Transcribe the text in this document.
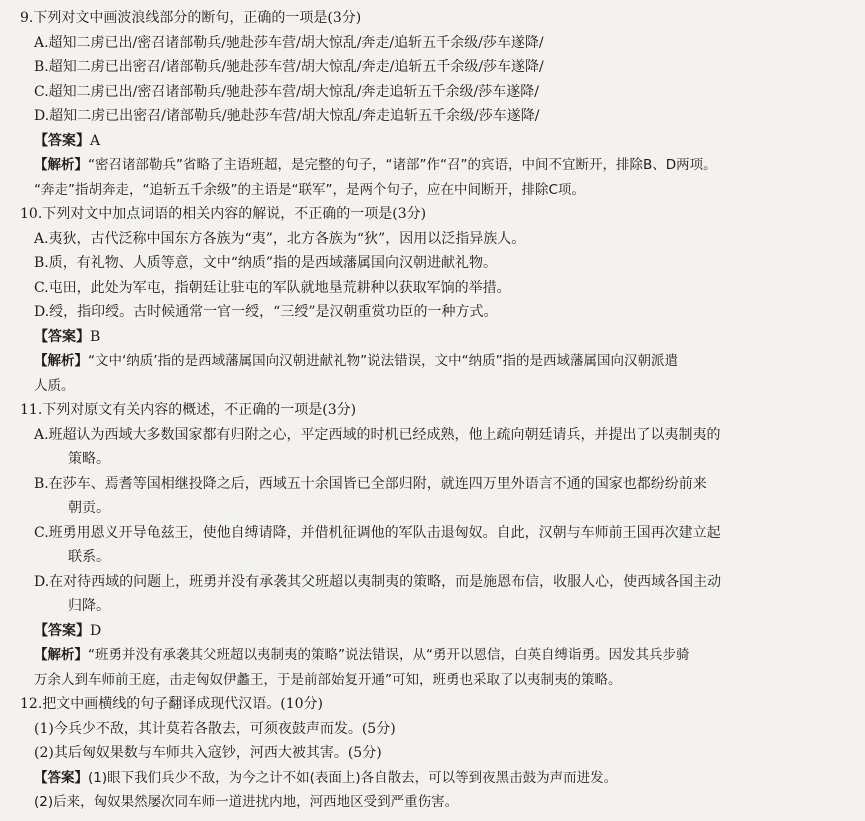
9.下列对文中画波浪线部分的断句，正确的一项是(3分)
A.超知二虏已出/密召诸部勒兵/驰赴莎车营/胡大惊乱/奔走/追斩五千余级/莎车遂降/
B.超知二虏已出密召/诸部勒兵/驰赴莎车营/胡大惊乱/奔走/追斩五千余级/莎车遂降/
C.超知二虏已出/密召诸部勒兵/驰赴莎车营/胡大惊乱/奔走追斩五千余级/莎车遂降/
D.超知二虏已出密召/诸部勒兵/驰赴莎车营/胡大惊乱/奔走追斩五千余级/莎车遂降/
【答案】A
【解析】“密召诸部勒兵”省略了主语班超，是完整的句子，“诸部”作“召”的宾语，中间不宜断开，排除B、D两项。
“奔走”指胡奔走，“追斩五千余级”的主语是“联军”，是两个句子，应在中间断开，排除C项。
10.下列对文中加点词语的相关内容的解说，不正确的一项是(3分)
A.夷狄，古代泛称中国东方各族为“夷”，北方各族为“狄”，因用以泛指异族人。
B.质，有礼物、人质等意，文中“纳质”指的是西域藩属国向汉朝进献礼物。
C.屯田，此处为军屯，指朝廷让驻屯的军队就地垦荒耕种以获取军饷的举措。
D.绶，指印绶。古时候通常一官一绶，“三绶”是汉朝重赏功臣的一种方式。
【答案】B
【解析】“文中‘纳质’指的是西域藩属国向汉朝进献礼物”说法错误，文中“纳质”指的是西域藩属国向汉朝派遣
人质。
11.下列对原文有关内容的概述，不正确的一项是(3分)
A.班超认为西域大多数国家都有归附之心，平定西域的时机已经成熟，他上疏向朝廷请兵，并提出了以夷制夷的
策略。
B.在莎车、焉耆等国相继投降之后，西域五十余国皆已全部归附，就连四万里外语言不通的国家也都纷纷前来
朝贡。
C.班勇用恩义开导龟兹王，使他自缚请降，并借机征调他的军队击退匈奴。自此，汉朝与车师前王国再次建立起
联系。
D.在对待西域的问题上，班勇并没有承袭其父班超以夷制夷的策略，而是施恩布信，收服人心，使西域各国主动
归降。
【答案】D
【解析】“班勇并没有承袭其父班超以夷制夷的策略”说法错误，从“勇开以恩信，白英自缚诣勇。因发其兵步骑
万余人到车师前王庭，击走匈奴伊蠡王，于是前部始复开通”可知，班勇也采取了以夷制夷的策略。
12.把文中画横线的句子翻译成现代汉语。(10分)
(1)今兵少不敌，其计莫若各散去，可须夜鼓声而发。(5分)
(2)其后匈奴果数与车师共入寇钞，河西大被其害。(5分)
【答案】(1)眼下我们兵少不敌，为今之计不如(表面上)各自散去，可以等到夜黑击鼓为声而进发。
(2)后来，匈奴果然屡次同车师一道进扰内地，河西地区受到严重伤害。
